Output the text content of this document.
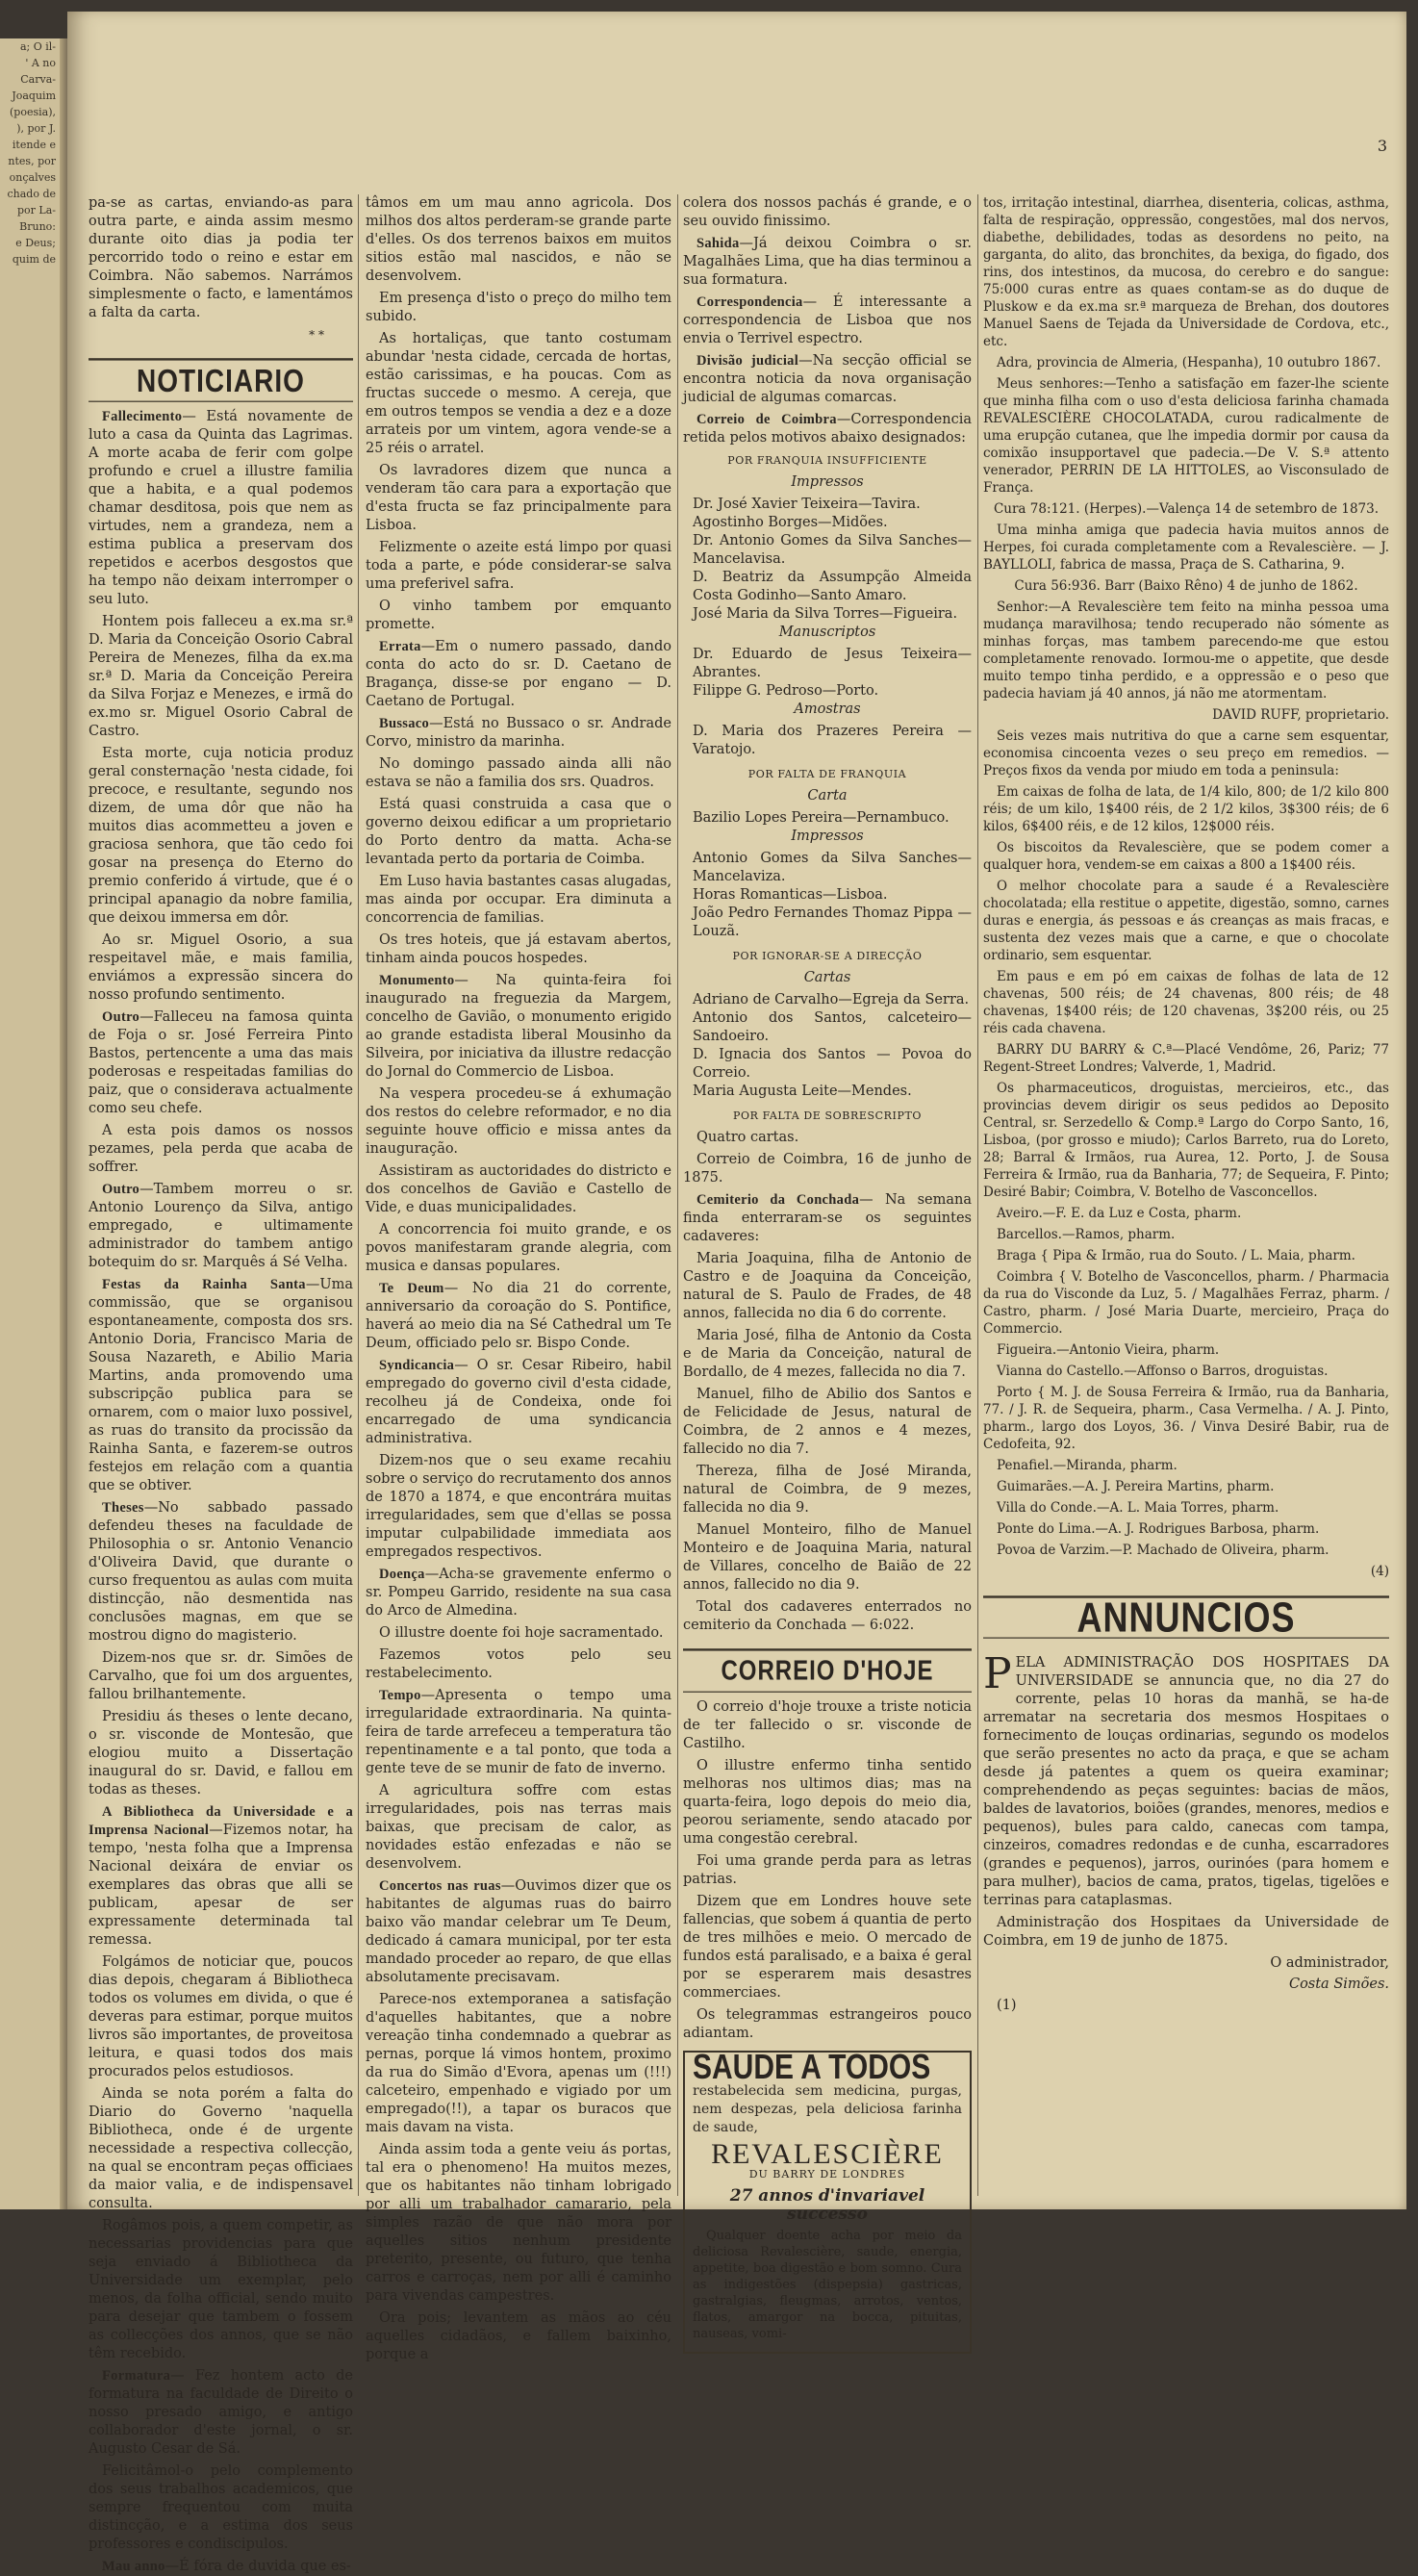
a; O il-
' A no
Carva-
Joaquim
(poesia),
), por J.
itende e
ntes, por
onçalves
chado de
por La-
Bruno:
e Deus;
quim de
3

pa-se as cartas, enviando-as para outra parte, e ainda assim mesmo durante oito dias ja podia ter percorrido todo o reino e estar em Coimbra. Não sabemos. Narrámos simplesmente o facto, e lamentámos a falta da carta.

* *
NOTICIARIO

Fallecimento— Está novamente de luto a casa da Quinta das Lagrimas. A morte acaba de ferir com golpe profundo e cruel a illustre familia que a habita, e a qual podemos chamar desditosa, pois que nem as virtudes, nem a grandeza, nem a estima publica a preservam dos repetidos e acerbos desgostos que ha tempo não deixam interromper o seu luto.

Hontem pois falleceu a ex.ma sr.ª D. Maria da Conceição Osorio Cabral Pereira de Menezes, filha da ex.ma sr.ª D. Maria da Conceição Pereira da Silva Forjaz e Menezes, e irmã do ex.mo sr. Miguel Osorio Cabral de Castro.

Esta morte, cuja noticia produz geral consternação 'nesta cidade, foi precoce, e resultante, segundo nos dizem, de uma dôr que não ha muitos dias acommetteu a joven e graciosa senhora, que tão cedo foi gosar na presença do Eterno do premio conferido á virtude, que é o principal apanagio da nobre familia, que deixou immersa em dôr.

Ao sr. Miguel Osorio, a sua respeitavel mãe, e mais familia, enviámos a expressão sincera do nosso profundo sentimento.

Outro—Falleceu na famosa quinta de Foja o sr. José Ferreira Pinto Bastos, pertencente a uma das mais poderosas e respeitadas familias do paiz, que o considerava actualmente como seu chefe.

A esta pois damos os nossos pezames, pela perda que acaba de soffrer.

Outro—Tambem morreu o sr. Antonio Lourenço da Silva, antigo empregado, e ultimamente administrador do tambem antigo botequim do sr. Marquês á Sé Velha.

Festas da Rainha Santa—Uma commissão, que se organisou espontaneamente, composta dos srs. Antonio Doria, Francisco Maria de Sousa Nazareth, e Abilio Maria Martins, anda promovendo uma subscripção publica para se ornarem, com o maior luxo possivel, as ruas do transito da procissão da Rainha Santa, e fazerem-se outros festejos em relação com a quantia que se obtiver.

Theses—No sabbado passado defendeu theses na faculdade de Philosophia o sr. Antonio Venancio d'Oliveira David, que durante o curso frequentou as aulas com muita distincção, não desmentida nas conclusões magnas, em que se mostrou digno do magisterio.

Dizem-nos que sr. dr. Simões de Carvalho, que foi um dos arguentes, fallou brilhantemente.

Presidiu ás theses o lente decano, o sr. visconde de Montesão, que elogiou muito a Dissertação inaugural do sr. David, e fallou em todas as theses.

A Bibliotheca da Universidade e a Imprensa Nacional—Fizemos notar, ha tempo, 'nesta folha que a Imprensa Nacional deixára de enviar os exemplares das obras que alli se publicam, apesar de ser expressamente determinada tal remessa.

Folgámos de noticiar que, poucos dias depois, chegaram á Bibliotheca todos os volumes em divida, o que é deveras para estimar, porque muitos livros são importantes, de proveitosa leitura, e quasi todos dos mais procurados pelos estudiosos.

Ainda se nota porém a falta do Diario do Governo 'naquella Bibliotheca, onde é de urgente necessidade a respectiva collecção, na qual se encontram peças officiaes da maior valia, e de indispensavel consulta.

Rogâmos pois, a quem competir, as necessarias providencias para que seja enviado á Bibliotheca da Universidade um exemplar, pelo menos, da folha official, sendo muito para desejar que tambem o fossem as collecções dos annos, que se não têm recebido.

Formatura— Fez hontem acto de formatura na faculdade de Direito o nosso presado amigo, e antigo collaborador d'este jornal, o sr. Augusto Cesar de Sá.

Felicitâmol-o pelo complemento dos seus trabalhos academicos, que sempre frequentou com muita distincção, e a estima dos seus professores e condiscipulos.

Mau anno—É fóra de duvida que es-

tâmos em um mau anno agricola. Dos milhos dos altos perderam-se grande parte d'elles. Os dos terrenos baixos em muitos sitios estão mal nascidos, e não se desenvolvem.

Em presença d'isto o preço do milho tem subido.

As hortaliças, que tanto costumam abundar 'nesta cidade, cercada de hortas, estão carissimas, e ha poucas. Com as fructas succede o mesmo. A cereja, que em outros tempos se vendia a dez e a doze arrateis por um vintem, agora vende-se a 25 réis o arratel.

Os lavradores dizem que nunca a venderam tão cara para a exportação que d'esta fructa se faz principalmente para Lisboa.

Felizmente o azeite está limpo por quasi toda a parte, e póde considerar-se salva uma preferivel safra.

O vinho tambem por emquanto promette.

Errata—Em o numero passado, dando conta do acto do sr. D. Caetano de Bragança, disse-se por engano — D. Caetano de Portugal.

Bussaco—Está no Bussaco o sr. Andrade Corvo, ministro da marinha.

No domingo passado ainda alli não estava se não a familia dos srs. Quadros.

Está quasi construida a casa que o governo deixou edificar a um proprietario do Porto dentro da matta. Acha-se levantada perto da portaria de Coimba.

Em Luso havia bastantes casas alugadas, mas ainda por occupar. Era diminuta a concorrencia de familias.

Os tres hoteis, que já estavam abertos, tinham ainda poucos hospedes.

Monumento— Na quinta-feira foi inaugurado na freguezia da Margem, concelho de Gavião, o monumento erigido ao grande estadista liberal Mousinho da Silveira, por iniciativa da illustre redacção do Jornal do Commercio de Lisboa.

Na vespera procedeu-se á exhumação dos restos do celebre reformador, e no dia seguinte houve officio e missa antes da inauguração.

Assistiram as auctoridades do districto e dos concelhos de Gavião e Castello de Vide, e duas municipalidades.

A concorrencia foi muito grande, e os povos manifestaram grande alegria, com musica e dansas populares.

Te Deum— No dia 21 do corrente, anniversario da coroação do S. Pontifice, haverá ao meio dia na Sé Cathedral um Te Deum, officiado pelo sr. Bispo Conde.

Syndicancia— O sr. Cesar Ribeiro, habil empregado do governo civil d'esta cidade, recolheu já de Condeixa, onde foi encarregado de uma syndicancia administrativa.

Dizem-nos que o seu exame recahiu sobre o serviço do recrutamento dos annos de 1870 a 1874, e que encontrára muitas irregularidades, sem que d'ellas se possa imputar culpabilidade immediata aos empregados respectivos.

Doença—Acha-se gravemente enfermo o sr. Pompeu Garrido, residente na sua casa do Arco de Almedina.

O illustre doente foi hoje sacramentado.

Fazemos votos pelo seu restabelecimento.

Tempo—Apresenta o tempo uma irregularidade extraordinaria. Na quinta-feira de tarde arrefeceu a temperatura tão repentinamente e a tal ponto, que toda a gente teve de se munir de fato de inverno.

A agricultura soffre com estas irregularidades, pois nas terras mais baixas, que precisam de calor, as novidades estão enfezadas e não se desenvolvem.

Concertos nas ruas—Ouvimos dizer que os habitantes de algumas ruas do bairro baixo vão mandar celebrar um Te Deum, dedicado á camara municipal, por ter esta mandado proceder ao reparo, de que ellas absolutamente precisavam.

Parece-nos extemporanea a satisfação d'aquelles habitantes, que a nobre vereação tinha condemnado a quebrar as pernas, porque lá vimos hontem, proximo da rua do Simão d'Evora, apenas um (!!!) calceteiro, empenhado e vigiado por um empregado(!!), a tapar os buracos que mais davam na vista.

Ainda assim toda a gente veiu ás portas, tal era o phenomeno! Ha muitos mezes, que os habitantes não tinham lobrigado por alli um trabalhador camarario, pela simples razão de que não mora por aquelles sitios nenhum presidente preterito, presente, ou futuro, que tenha carros e carroças, nem por alli é caminho para vivendas campestres.

Ora pois; levantem as mãos ao céu aquelles cidadãos, e fallem baixinho, porque a

colera dos nossos pachás é grande, e o seu ouvido finissimo.

Sahida—Já deixou Coimbra o sr. Magalhães Lima, que ha dias terminou a sua formatura.

Correspondencia— É interessante a correspondencia de Lisboa que nos envia o Terrivel espectro.

Divisão judicial—Na secção official se encontra noticia da nova organisação judicial de algumas comarcas.

Correio de Coimbra—Correspondencia retida pelos motivos abaixo designados:

POR FRANQUIA INSUFFICIENTE

Impressos

Dr. José Xavier Teixeira—Tavira.

Agostinho Borges—Midões.

Dr. Antonio Gomes da Silva Sanches—Mancelavisa.

D. Beatriz da Assumpção Almeida Costa Godinho—Santo Amaro.

José Maria da Silva Torres—Figueira.

Manuscriptos

Dr. Eduardo de Jesus Teixeira—Abrantes.

Filippe G. Pedroso—Porto.

Amostras

D. Maria dos Prazeres Pereira — Varatojo.

POR FALTA DE FRANQUIA

Carta

Bazilio Lopes Pereira—Pernambuco.

Impressos

Antonio Gomes da Silva Sanches—Mancelaviza.

Horas Romanticas—Lisboa.

João Pedro Fernandes Thomaz Pippa — Louzã.

POR IGNORAR-SE A DIRECÇÃO

Cartas

Adriano de Carvalho—Egreja da Serra.

Antonio dos Santos, calceteiro—Sandoeiro.

D. Ignacia dos Santos — Povoa do Correio.

Maria Augusta Leite—Mendes.

POR FALTA DE SOBRESCRIPTO

Quatro cartas.

Correio de Coimbra, 16 de junho de 1875.

Cemiterio da Conchada— Na semana finda enterraram-se os seguintes cadaveres:

Maria Joaquina, filha de Antonio de Castro e de Joaquina da Conceição, natural de S. Paulo de Frades, de 48 annos, fallecida no dia 6 do corrente.

Maria José, filha de Antonio da Costa e de Maria da Conceição, natural de Bordallo, de 4 mezes, fallecida no dia 7.

Manuel, filho de Abilio dos Santos e de Felicidade de Jesus, natural de Coimbra, de 2 annos e 4 mezes, fallecido no dia 7.

Thereza, filha de José Miranda, natural de Coimbra, de 9 mezes, fallecida no dia 9.

Manuel Monteiro, filho de Manuel Monteiro e de Joaquina Maria, natural de Villares, concelho de Baião de 22 annos, fallecido no dia 9.

Total dos cadaveres enterrados no cemiterio da Conchada — 6:022.

CORREIO D'HOJE

O correio d'hoje trouxe a triste noticia de ter fallecido o sr. visconde de Castilho.

O illustre enfermo tinha sentido melhoras nos ultimos dias; mas na quarta-feira, logo depois do meio dia, peorou seriamente, sendo atacado por uma congestão cerebral.

Foi uma grande perda para as letras patrias.

Dizem que em Londres houve sete fallencias, que sobem á quantia de perto de tres milhões e meio. O mercado de fundos está paralisado, e a baixa é geral por se esperarem mais desastres commerciaes.

Os telegrammas estrangeiros pouco adiantam.

SAUDE A TODOS restabelecida sem medicina, purgas, nem despezas, pela deliciosa farinha de saude,
REVALESCIÈRE
DU BARRY DE LONDRES
27 annos d'invariavel successo

Qualquer doente acha por meio da deliciosa Revalescière, saude, energia, appetite, boa digestão e bom somno. Cura as indigestões (dispepsia) gastricas, gastralgias, fleugmas, arrotos, ventos, flatos, amargor na bocca, pituitas, nauseas, vomi-

tos, irritação intestinal, diarrhea, disenteria, colicas, asthma, falta de respiração, oppressão, congestões, mal dos nervos, diabethe, debilidades, todas as desordens no peito, na garganta, do alito, das bronchites, da bexiga, do figado, dos rins, dos intestinos, da mucosa, do cerebro e do sangue: 75:000 curas entre as quaes contam-se as do duque de Pluskow e da ex.ma sr.ª marqueza de Brehan, dos doutores Manuel Saens de Tejada da Universidade de Cordova, etc., etc.

Adra, provincia de Almeria, (Hespanha), 10 outubro 1867.

Meus senhores:—Tenho a satisfação em fazer-lhe sciente que minha filha com o uso d'esta deliciosa farinha chamada REVALESCIÈRE CHOCOLATADA, curou radicalmente de uma erupção cutanea, que lhe impedia dormir por causa da comixão insupportavel que padecia.—De V. S.ª attento venerador, PERRIN DE LA HITTOLES, ao Visconsulado de França.

Cura 78:121. (Herpes).—Valença 14 de setembro de 1873.

Uma minha amiga que padecia havia muitos annos de Herpes, foi curada completamente com a Revalescière. — J. BAYLLOLI, fabrica de massa, Praça de S. Catharina, 9.

Cura 56:936. Barr (Baixo Rêno) 4 de junho de 1862.

Senhor:—A Revalescière tem feito na minha pessoa uma mudança maravilhosa; tendo recuperado não sómente as minhas forças, mas tambem parecendo-me que estou completamente renovado. Iormou-me o appetite, que desde muito tempo tinha perdido, e a oppressão e o peso que padecia haviam já 40 annos, já não me atormentam.

DAVID RUFF, proprietario.

Seis vezes mais nutritiva do que a carne sem esquentar, economisa cincoenta vezes o seu preço em remedios. — Preços fixos da venda por miudo em toda a peninsula:

Em caixas de folha de lata, de 1/4 kilo, 800; de 1/2 kilo 800 réis; de um kilo, 1$400 réis, de 2 1/2 kilos, 3$300 réis; de 6 kilos, 6$400 réis, e de 12 kilos, 12$000 réis.

Os biscoitos da Revalescière, que se podem comer a qualquer hora, vendem-se em caixas a 800 a 1$400 réis.

O melhor chocolate para a saude é a Revalescière chocolatada; ella restitue o appetite, digestão, somno, carnes duras e energia, ás pessoas e ás creanças as mais fracas, e sustenta dez vezes mais que a carne, e que o chocolate ordinario, sem esquentar.

Em paus e em pó em caixas de folhas de lata de 12 chavenas, 500 réis; de 24 chavenas, 800 réis; de 48 chavenas, 1$400 réis; de 120 chavenas, 3$200 réis, ou 25 réis cada chavena.

BARRY DU BARRY & C.ª—Placé Vendôme, 26, Pariz; 77 Regent-Street Londres; Valverde, 1, Madrid.

Os pharmaceuticos, droguistas, mercieiros, etc., das provincias devem dirigir os seus pedidos ao Deposito Central, sr. Serzedello & Comp.ª Largo do Corpo Santo, 16, Lisboa, (por grosso e miudo); Carlos Barreto, rua do Loreto, 28; Barral & Irmãos, rua Aurea, 12. Porto, J. de Sousa Ferreira & Irmão, rua da Banharia, 77; de Sequeira, F. Pinto; Desiré Babir; Coimbra, V. Botelho de Vasconcellos.

Aveiro.—F. E. da Luz e Costa, pharm.

Barcellos.—Ramos, pharm.

Braga { Pipa & Irmão, rua do Souto. / L. Maia, pharm.

Coimbra { V. Botelho de Vasconcellos, pharm. / Pharmacia da rua do Visconde da Luz, 5. / Magalhães Ferraz, pharm. / Castro, pharm. / José Maria Duarte, mercieiro, Praça do Commercio.

Figueira.—Antonio Vieira, pharm.

Vianna do Castello.—Affonso o Barros, droguistas.

Porto { M. J. de Sousa Ferreira & Irmão, rua da Banharia, 77. / J. R. de Sequeira, pharm., Casa Vermelha. / A. J. Pinto, pharm., largo dos Loyos, 36. / Vinva Desiré Babir, rua de Cedofeita, 92.

Penafiel.—Miranda, pharm.

Guimarães.—A. J. Pereira Martins, pharm.

Villa do Conde.—A. L. Maia Torres, pharm.

Ponte do Lima.—A. J. Rodrigues Barbosa, pharm.

Povoa de Varzim.—P. Machado de Oliveira, pharm.

(4)

ANNUNCIOS

PELA ADMINISTRAÇÃO DOS HOSPITAES DA UNIVERSIDADE se annuncia que, no dia 27 do corrente, pelas 10 horas da manhã, se ha-de arrematar na secretaria dos mesmos Hospitaes o fornecimento de louças ordinarias, segundo os modelos que serão presentes no acto da praça, e que se acham desde já patentes a quem os queira examinar; comprehendendo as peças seguintes: bacias de mãos, baldes de lavatorios, boiões (grandes, menores, medios e pequenos), bules para caldo, canecas com tampa, cinzeiros, comadres redondas e de cunha, escarradores (grandes e pequenos), jarros, ourinóes (para homem e para mulher), bacios de cama, pratos, tigelas, tigelões e terrinas para cataplasmas.

Administração dos Hospitaes da Universidade de Coimbra, em 19 de junho de 1875.

O administrador,

Costa Simões.

(1)
